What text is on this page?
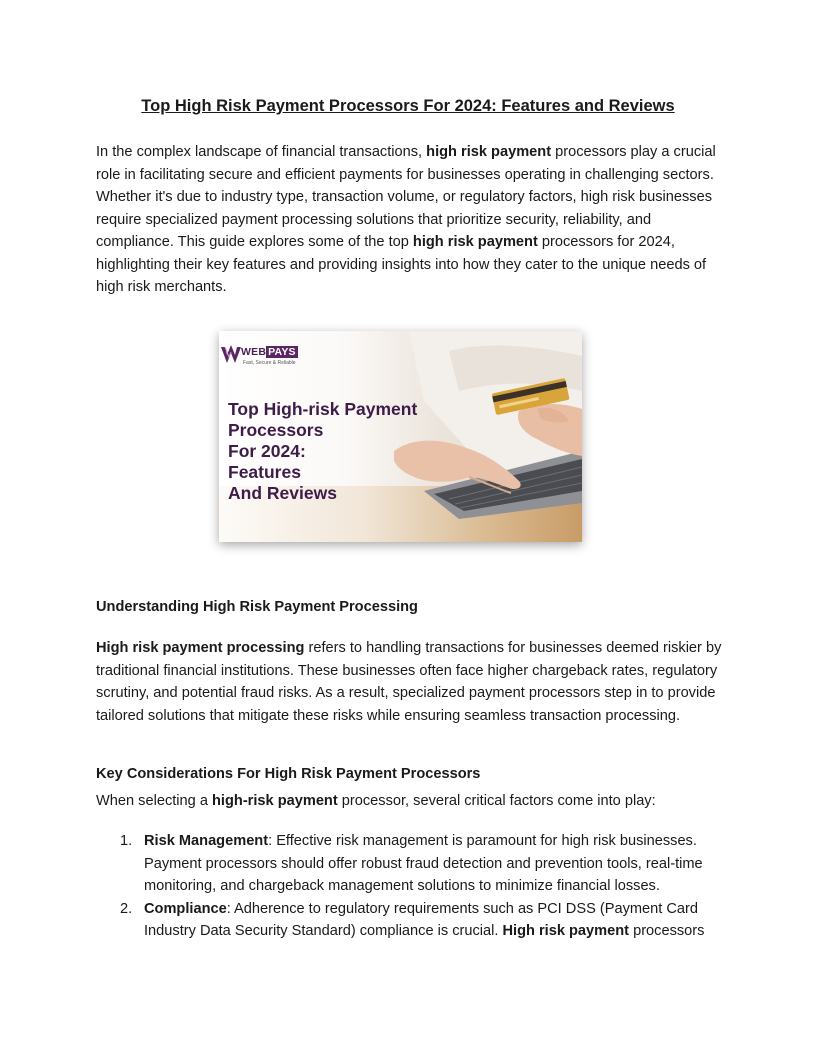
Top High Risk Payment Processors For 2024: Features and Reviews

In the complex landscape of financial transactions, high risk payment processors play a crucial role in facilitating secure and efficient payments for businesses operating in challenging sectors. Whether it's due to industry type, transaction volume, or regulatory factors, high risk businesses require specialized payment processing solutions that prioritize security, reliability, and compliance. This guide explores some of the top high risk payment processors for 2024, highlighting their key features and providing insights into how they cater to the unique needs of high risk merchants.

WEB PAYS
Fast, Secure & Reliable
Top High-risk Payment
Processors
For 2024:
Features
And Reviews

Understanding High Risk Payment Processing

High risk payment processing refers to handling transactions for businesses deemed riskier by traditional financial institutions. These businesses often face higher chargeback rates, regulatory scrutiny, and potential fraud risks. As a result, specialized payment processors step in to provide tailored solutions that mitigate these risks while ensuring seamless transaction processing.

Key Considerations For High Risk Payment Processors

When selecting a high-risk payment processor, several critical factors come into play:

1. Risk Management: Effective risk management is paramount for high risk businesses. Payment processors should offer robust fraud detection and prevention tools, real-time monitoring, and chargeback management solutions to minimize financial losses.
2. Compliance: Adherence to regulatory requirements such as PCI DSS (Payment Card Industry Data Security Standard) compliance is crucial. High risk payment processors
